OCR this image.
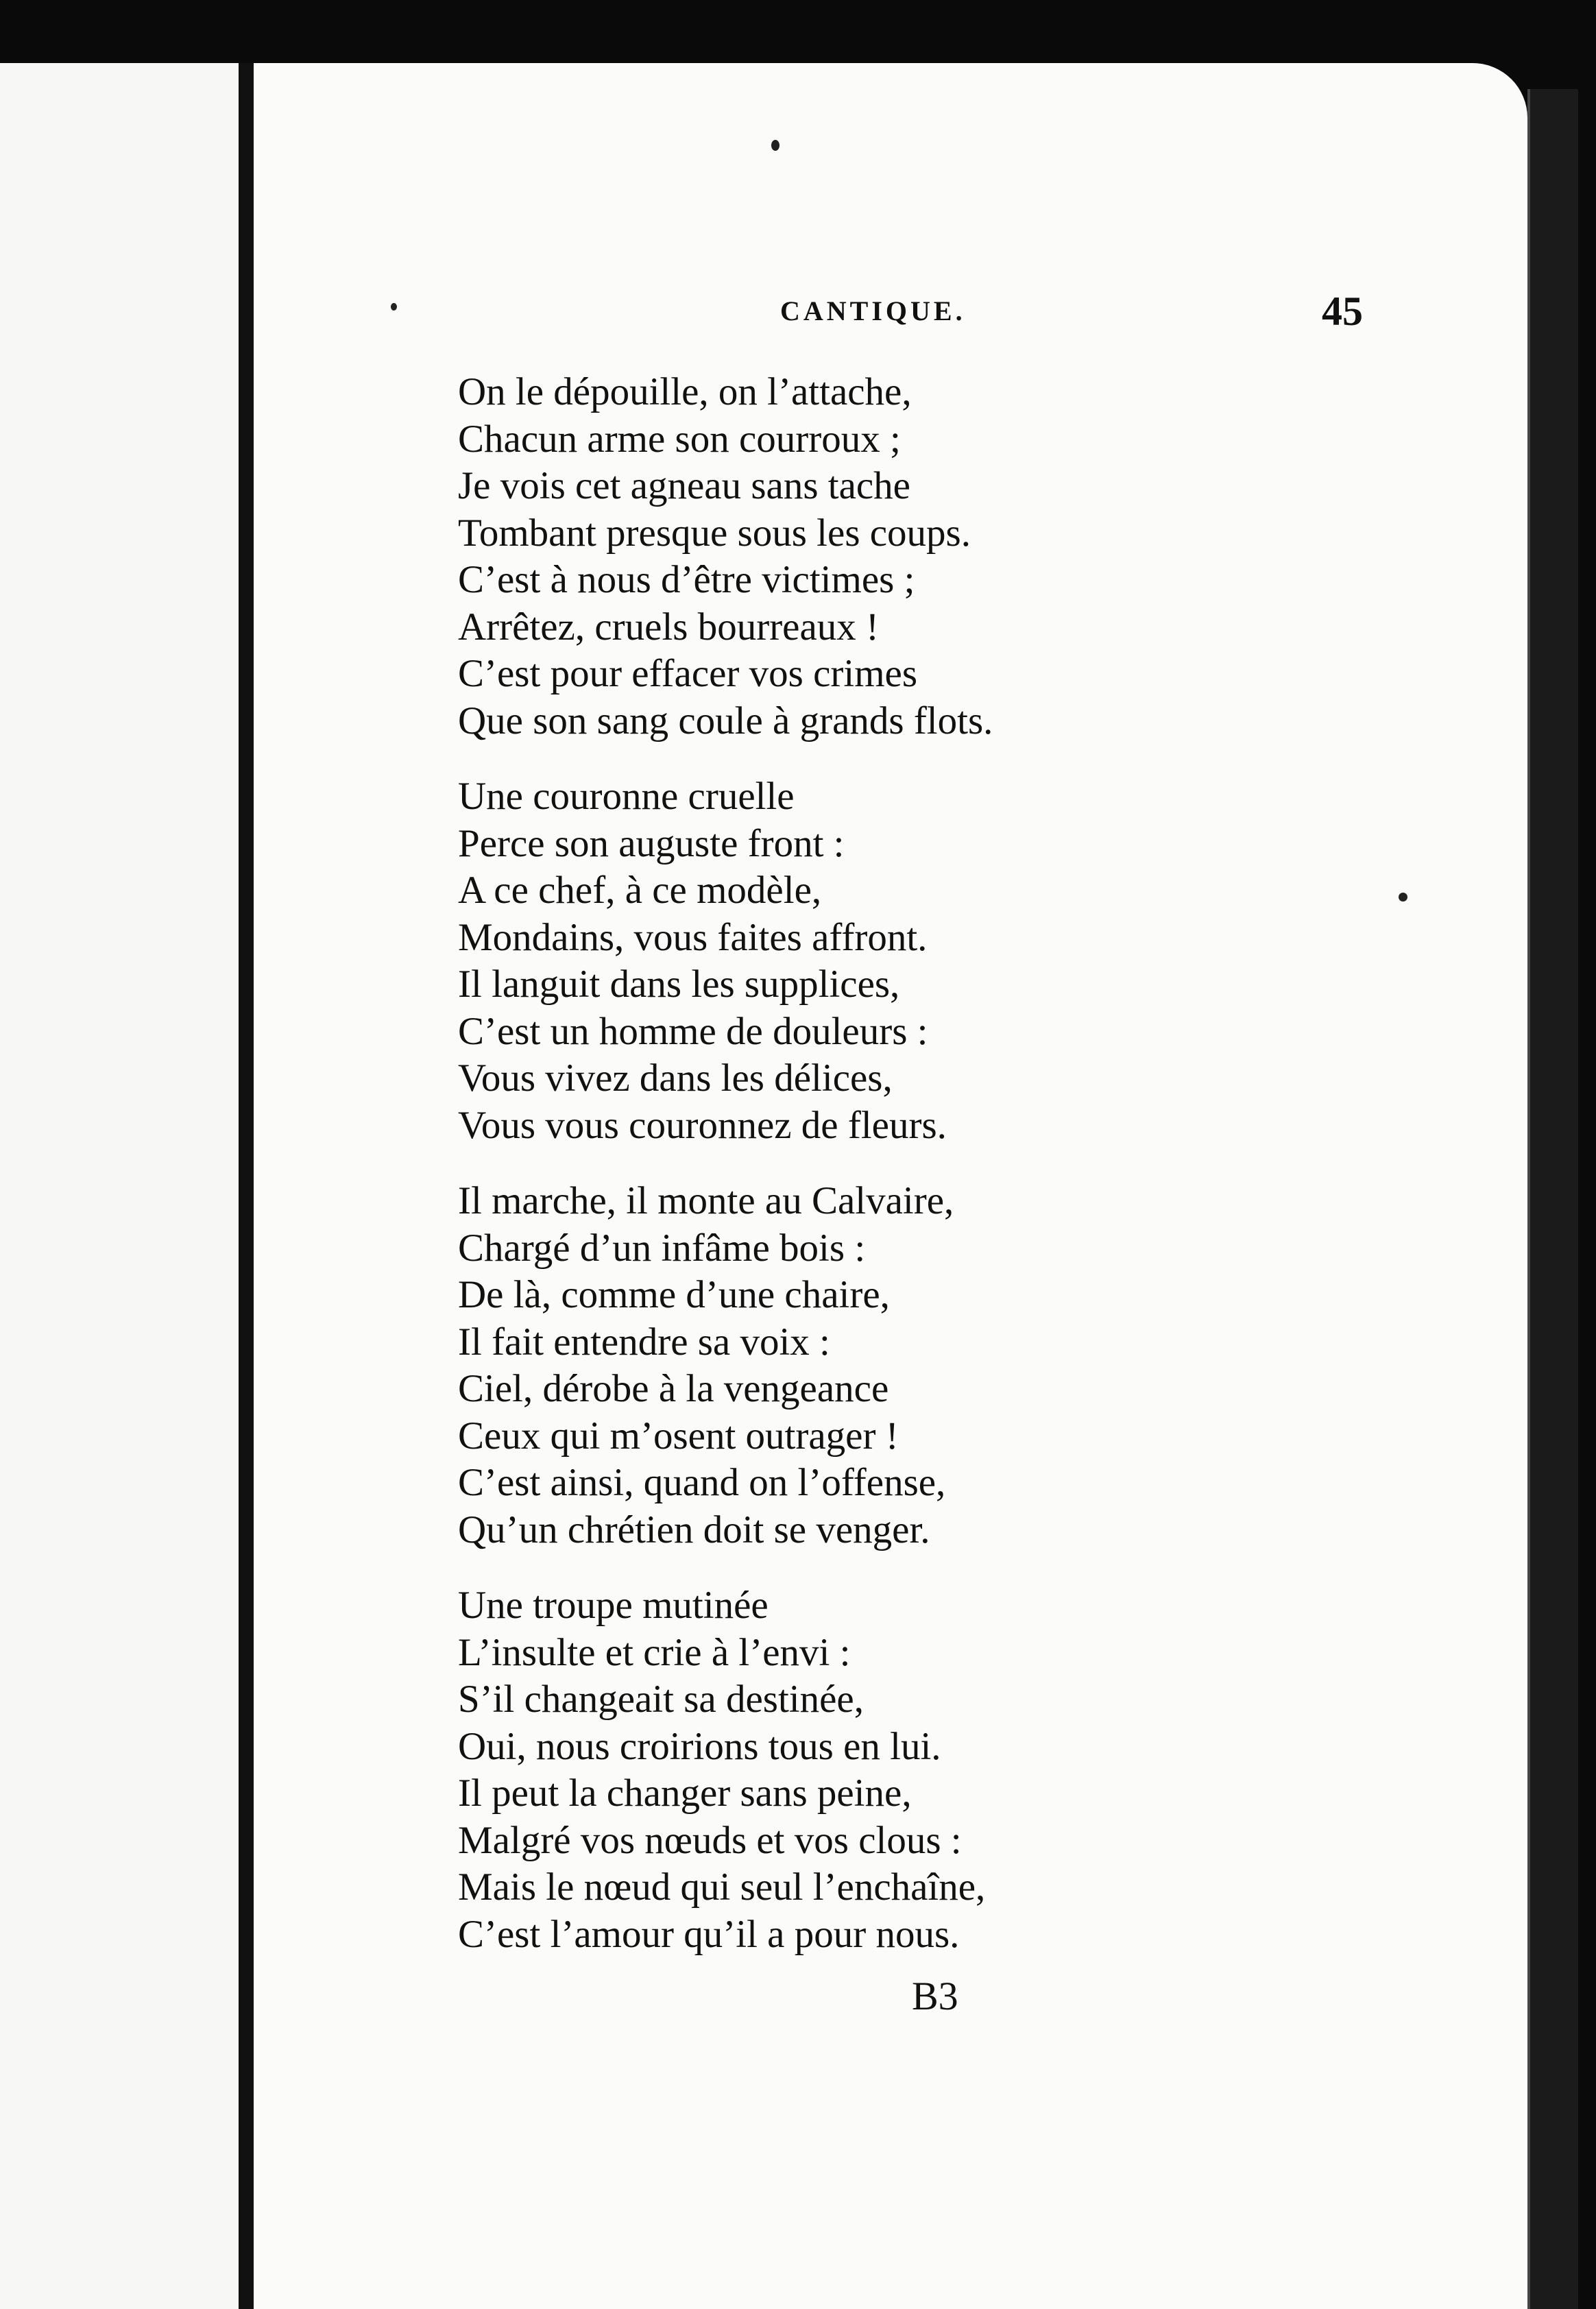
CANTIQUE.	45
On le dépouille, on l’attache,
Chacun arme son courroux ;
Je vois cet agneau sans tache
Tombant presque sous les coups.
C’est à nous d’être victimes ;
Arrêtez, cruels bourreaux !
C’est pour effacer vos crimes
Que son sang coule à grands flots.
Une couronne cruelle
Perce son auguste front :
A ce chef, à ce modèle,
Mondains, vous faites affront.
Il languit dans les supplices,
C’est un homme de douleurs :
Vous vivez dans les délices,
Vous vous couronnez de fleurs.
Il marche, il monte au Calvaire,
Chargé d’un infâme bois :
De là, comme d’une chaire,
Il fait entendre sa voix :
Ciel, dérobe à la vengeance
Ceux qui m’osent outrager !
C’est ainsi, quand on l’offense,
Qu’un chrétien doit se venger.
Une troupe mutinée
L’insulte et crie à l’envi :
S’il changeait sa destinée,
Oui, nous croirions tous en lui.
Il peut la changer sans peine,
Malgré vos nœuds et vos clous :
Mais le nœud qui seul l’enchaîne,
C’est l’amour qu’il a pour nous.
B3
